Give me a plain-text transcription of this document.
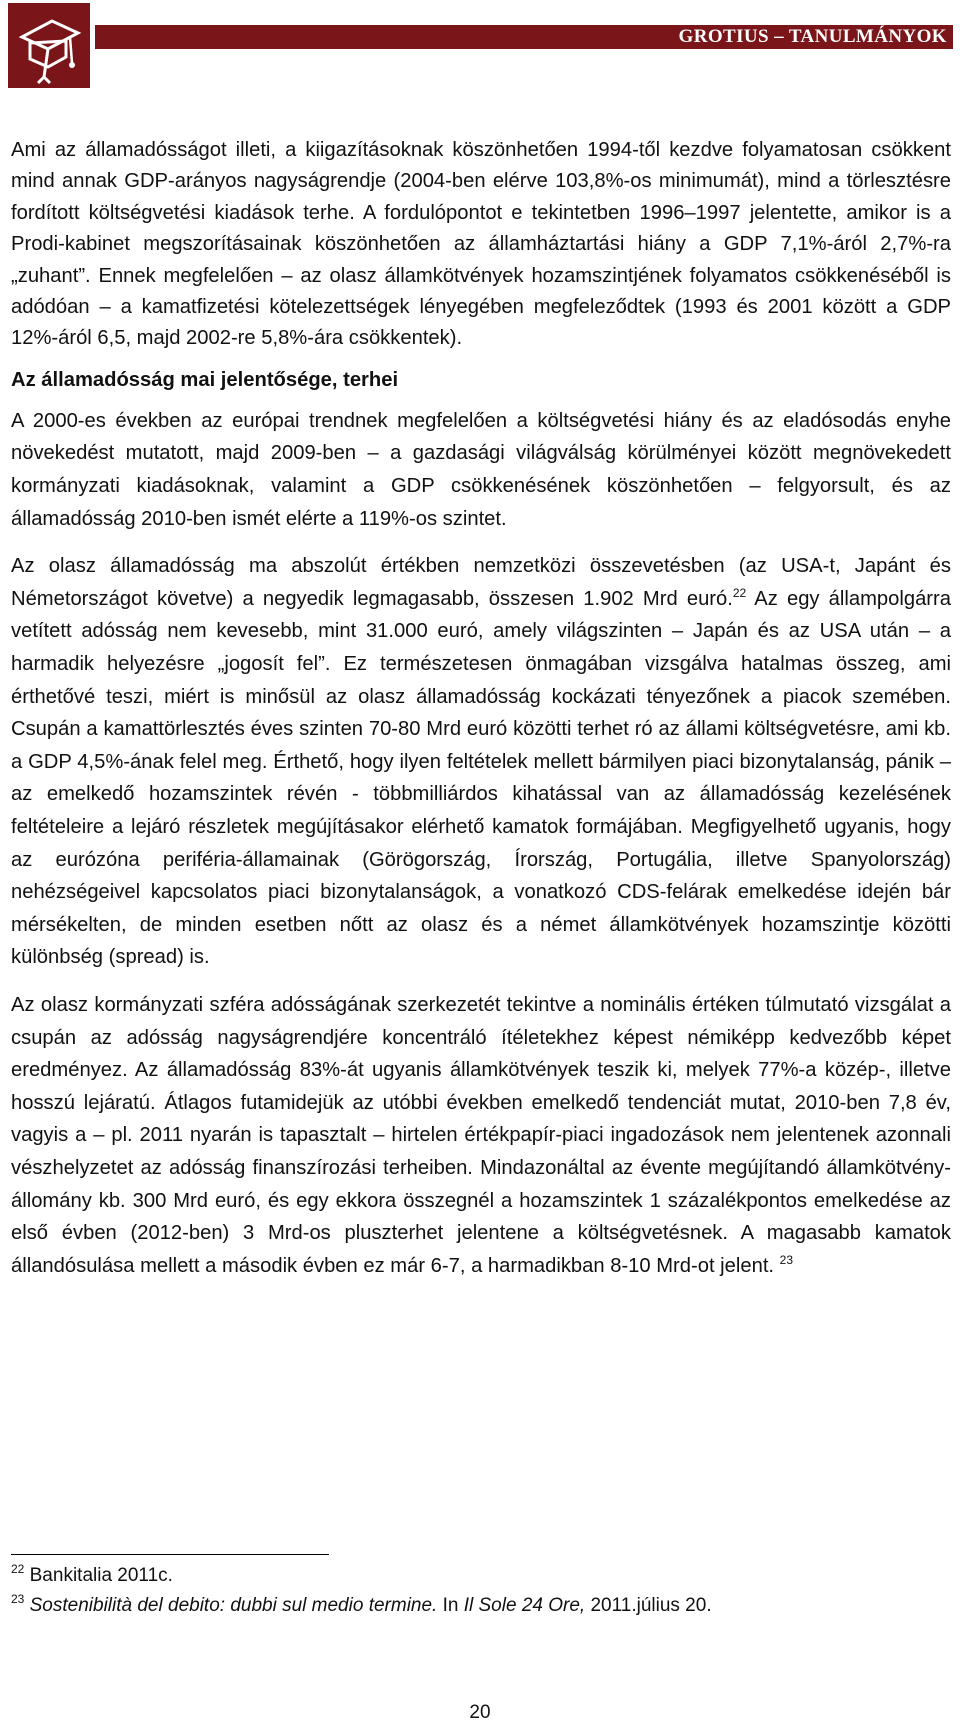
GROTIUS – TANULMÁNYOK

Ami az államadósságot illeti, a kiigazításoknak köszönhetően 1994-től kezdve folyamatosan csökkent mind annak GDP-arányos nagyságrendje (2004-ben elérve 103,8%-os minimumát), mind a törlesztésre fordított költségvetési kiadások terhe. A fordulópontot e tekintetben 1996–1997 jelentette, amikor is a Prodi-kabinet megszorításainak köszönhetően az államháztartási hiány a GDP 7,1%-áról 2,7%-ra „zuhant”. Ennek megfelelően – az olasz államkötvények hozamszintjének folyamatos csökkenéséből is adódóan – a kamatfizetési kötelezettségek lényegében megfeleződtek (1993 és 2001 között a GDP 12%-áról 6,5, majd 2002-re 5,8%-ára csökkentek).

Az államadósság mai jelentősége, terhei

A 2000-es években az európai trendnek megfelelően a költségvetési hiány és az eladósodás enyhe növekedést mutatott, majd 2009-ben – a gazdasági világválság körülményei között megnövekedett kormányzati kiadásoknak, valamint a GDP csökkenésének köszönhetően – felgyorsult, és az államadósság 2010-ben ismét elérte a 119%-os szintet.

Az olasz államadósság ma abszolút értékben nemzetközi összevetésben (az USA-t, Japánt és Németországot követve) a negyedik legmagasabb, összesen 1.902 Mrd euró.$^{22}$ Az egy állampolgárra vetített adósság nem kevesebb, mint 31.000 euró, amely világszinten – Japán és az USA után – a harmadik helyezésre „jogosít fel”. Ez természetesen önmagában vizsgálva hatalmas összeg, ami érthetővé teszi, miért is minősül az olasz államadósság kockázati tényezőnek a piacok szemében. Csupán a kamattörlesztés éves szinten 70-80 Mrd euró közötti terhet ró az állami költségvetésre, ami kb. a GDP 4,5%-ának felel meg. Érthető, hogy ilyen feltételek mellett bármilyen piaci bizonytalanság, pánik – az emelkedő hozamszintek révén - többmilliárdos kihatással van az államadósság kezelésének feltételeire a lejáró részletek megújításakor elérhető kamatok formájában. Megfigyelhető ugyanis, hogy az eurózóna periféria-államainak (Görögország, Írország, Portugália, illetve Spanyolország) nehézségeivel kapcsolatos piaci bizonytalanságok, a vonatkozó CDS-felárak emelkedése idején bár mérsékelten, de minden esetben nőtt az olasz és a német államkötvények hozamszintje közötti különbség (spread) is.

Az olasz kormányzati szféra adósságának szerkezetét tekintve a nominális értéken túlmutató vizsgálat a csupán az adósság nagyságrendjére koncentráló ítéletekhez képest némiképp kedvezőbb képet eredményez. Az államadósság 83%-át ugyanis államkötvények teszik ki, melyek 77%-a közép-, illetve hosszú lejáratú. Átlagos futamidejük az utóbbi években emelkedő tendenciát mutat, 2010-ben 7,8 év, vagyis a – pl. 2011 nyarán is tapasztalt – hirtelen értékpapír-piaci ingadozások nem jelentenek azonnali vészhelyzetet az adósság finanszírozási terheiben. Mindazonáltal az évente megújítandó államkötvény-állomány kb. 300 Mrd euró, és egy ekkora összegnél a hozamszintek 1 százalékpontos emelkedése az első évben (2012-ben) 3 Mrd-os pluszterhet jelentene a költségvetésnek. A magasabb kamatok állandósulása mellett a második évben ez már 6-7, a harmadikban 8-10 Mrd-ot jelent. $^{23}$

$^{22}$ Bankitalia 2011c.
$^{23}$ Sostenibilità del debito: dubbi sul medio termine. In Il Sole 24 Ore, 2011.július 20.
20
